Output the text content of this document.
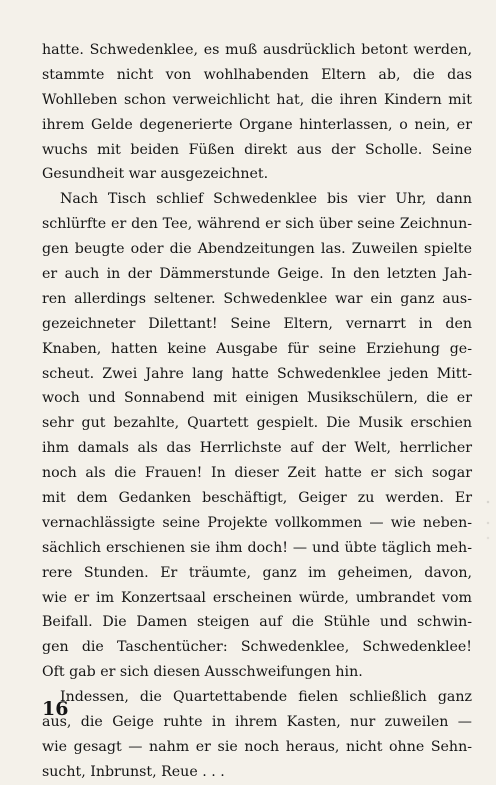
hatte. Schwedenklee, es muß ausdrücklich betont werden,
stammte nicht von wohlhabenden Eltern ab, die das
Wohlleben schon verweichlicht hat, die ihren Kindern mit
ihrem Gelde degenerierte Organe hinterlassen, o nein, er
wuchs mit beiden Füßen direkt aus der Scholle. Seine
Gesundheit war ausgezeichnet.
Nach Tisch schlief Schwedenklee bis vier Uhr, dann
schlürfte er den Tee, während er sich über seine Zeichnun-
gen beugte oder die Abendzeitungen las. Zuweilen spielte
er auch in der Dämmerstunde Geige. In den letzten Jah-
ren allerdings seltener. Schwedenklee war ein ganz aus-
gezeichneter Dilettant! Seine Eltern, vernarrt in den
Knaben, hatten keine Ausgabe für seine Erziehung ge-
scheut. Zwei Jahre lang hatte Schwedenklee jeden Mitt-
woch und Sonnabend mit einigen Musikschülern, die er
sehr gut bezahlte, Quartett gespielt. Die Musik erschien
ihm damals als das Herrlichste auf der Welt, herrlicher
noch als die Frauen! In dieser Zeit hatte er sich sogar
mit dem Gedanken beschäftigt, Geiger zu werden. Er
vernachlässigte seine Projekte vollkommen — wie neben-
sächlich erschienen sie ihm doch! — und übte täglich meh-
rere Stunden. Er träumte, ganz im geheimen, davon,
wie er im Konzertsaal erscheinen würde, umbrandet vom
Beifall. Die Damen steigen auf die Stühle und schwin-
gen die Taschentücher: Schwedenklee, Schwedenklee!
Oft gab er sich diesen Ausschweifungen hin.
Indessen, die Quartettabende fielen schließlich ganz
aus, die Geige ruhte in ihrem Kasten, nur zuweilen —
wie gesagt — nahm er sie noch heraus, nicht ohne Sehn-
sucht, Inbrunst, Reue . . .
16
